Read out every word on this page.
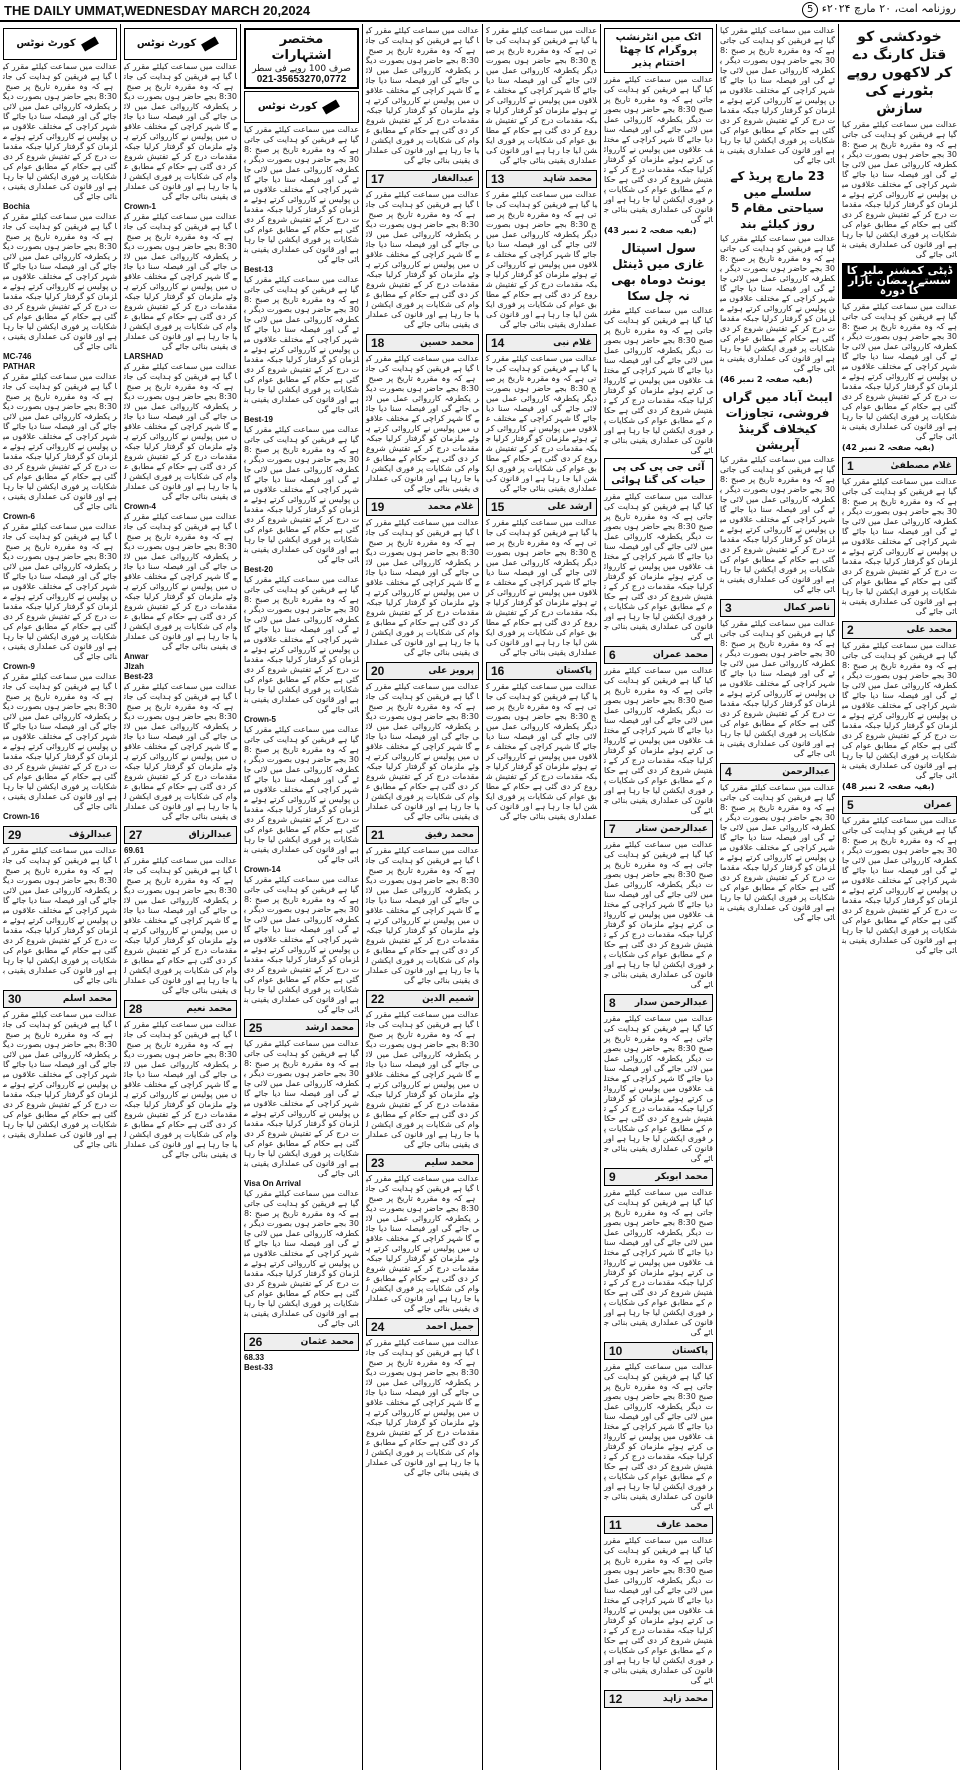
THE DAILY UMMAT,WEDNESDAY MARCH 20,2024	روزنامہ امت، ۲۰ مارچ ۲۰۲۴ء 5
خودکشی کو قتل کارنگ دے کر لاکھوں روپے بٹورنے کی سازش
عدالت میں سماعت کیلئے مقرر کیا گیا ہے فریقین کو ہدایت کی جاتی ہے کہ وہ مقررہ تاریخ پر صبح 8:30 بجے حاضر ہوں بصورت دیگر یکطرفہ کارروائی عمل میں لائی جائے گی اور فیصلہ سنا دیا جائے گا شہر کراچی کے مختلف علاقوں میں پولیس نے کارروائی کرتے ہوئے ملزمان کو گرفتار کرلیا جبکہ مقدمات درج کر کے تفتیش شروع کر دی گئی ہے حکام کے مطابق عوام کی شکایات پر فوری ایکشن لیا جا رہا ہے اور قانون کی عملداری یقینی بنائی جائے گی
ڈپٹی کمشنر ملیر کا سستے رمضان بازار کا دورہ
عدالت میں سماعت کیلئے مقرر کیا گیا ہے فریقین کو ہدایت کی جاتی ہے کہ وہ مقررہ تاریخ پر صبح 8:30 بجے حاضر ہوں بصورت دیگر یکطرفہ کارروائی عمل میں لائی جائے گی اور فیصلہ سنا دیا جائے گا شہر کراچی کے مختلف علاقوں میں پولیس نے کارروائی کرتے ہوئے ملزمان کو گرفتار کرلیا جبکہ مقدمات درج کر کے تفتیش شروع کر دی گئی ہے حکام کے مطابق عوام کی شکایات پر فوری ایکشن لیا جا رہا ہے اور قانون کی عملداری یقینی بنائی جائے گی
(بقیہ صفحہ 2 نمبر 42)
غلام مصطفیٰ
1
عدالت میں سماعت کیلئے مقرر کیا گیا ہے فریقین کو ہدایت کی جاتی ہے کہ وہ مقررہ تاریخ پر صبح 8:30 بجے حاضر ہوں بصورت دیگر یکطرفہ کارروائی عمل میں لائی جائے گی اور فیصلہ سنا دیا جائے گا شہر کراچی کے مختلف علاقوں میں پولیس نے کارروائی کرتے ہوئے ملزمان کو گرفتار کرلیا جبکہ مقدمات درج کر کے تفتیش شروع کر دی گئی ہے حکام کے مطابق عوام کی شکایات پر فوری ایکشن لیا جا رہا ہے اور قانون کی عملداری یقینی بنائی جائے گی
محمد علی
2
عدالت میں سماعت کیلئے مقرر کیا گیا ہے فریقین کو ہدایت کی جاتی ہے کہ وہ مقررہ تاریخ پر صبح 8:30 بجے حاضر ہوں بصورت دیگر یکطرفہ کارروائی عمل میں لائی جائے گی اور فیصلہ سنا دیا جائے گا شہر کراچی کے مختلف علاقوں میں پولیس نے کارروائی کرتے ہوئے ملزمان کو گرفتار کرلیا جبکہ مقدمات درج کر کے تفتیش شروع کر دی گئی ہے حکام کے مطابق عوام کی شکایات پر فوری ایکشن لیا جا رہا ہے اور قانون کی عملداری یقینی بنائی جائے گی
(بقیہ صفحہ 2 نمبر 48)
عمران
5
عدالت میں سماعت کیلئے مقرر کیا گیا ہے فریقین کو ہدایت کی جاتی ہے کہ وہ مقررہ تاریخ پر صبح 8:30 بجے حاضر ہوں بصورت دیگر یکطرفہ کارروائی عمل میں لائی جائے گی اور فیصلہ سنا دیا جائے گا شہر کراچی کے مختلف علاقوں میں پولیس نے کارروائی کرتے ہوئے ملزمان کو گرفتار کرلیا جبکہ مقدمات درج کر کے تفتیش شروع کر دی گئی ہے حکام کے مطابق عوام کی شکایات پر فوری ایکشن لیا جا رہا ہے اور قانون کی عملداری یقینی بنائی جائے گی
عدالت میں سماعت کیلئے مقرر کیا گیا ہے فریقین کو ہدایت کی جاتی ہے کہ وہ مقررہ تاریخ پر صبح 8:30 بجے حاضر ہوں بصورت دیگر یکطرفہ کارروائی عمل میں لائی جائے گی اور فیصلہ سنا دیا جائے گا شہر کراچی کے مختلف علاقوں میں پولیس نے کارروائی کرتے ہوئے ملزمان کو گرفتار کرلیا جبکہ مقدمات درج کر کے تفتیش شروع کر دی گئی ہے حکام کے مطابق عوام کی شکایات پر فوری ایکشن لیا جا رہا ہے اور قانون کی عملداری یقینی بنائی جائے گی
23 مارچ پریڈ کے سلسلے میں سیاحتی مقام 5 روز کیلئے بند
عدالت میں سماعت کیلئے مقرر کیا گیا ہے فریقین کو ہدایت کی جاتی ہے کہ وہ مقررہ تاریخ پر صبح 8:30 بجے حاضر ہوں بصورت دیگر یکطرفہ کارروائی عمل میں لائی جائے گی اور فیصلہ سنا دیا جائے گا شہر کراچی کے مختلف علاقوں میں پولیس نے کارروائی کرتے ہوئے ملزمان کو گرفتار کرلیا جبکہ مقدمات درج کر کے تفتیش شروع کر دی گئی ہے حکام کے مطابق عوام کی شکایات پر فوری ایکشن لیا جا رہا ہے اور قانون کی عملداری یقینی بنائی جائے گی
(بقیہ صفحہ 2 نمبر 46)
ایبٹ آباد میں گراں فروشی، تجاوزات کیخلاف گرینڈ آپریشن
عدالت میں سماعت کیلئے مقرر کیا گیا ہے فریقین کو ہدایت کی جاتی ہے کہ وہ مقررہ تاریخ پر صبح 8:30 بجے حاضر ہوں بصورت دیگر یکطرفہ کارروائی عمل میں لائی جائے گی اور فیصلہ سنا دیا جائے گا شہر کراچی کے مختلف علاقوں میں پولیس نے کارروائی کرتے ہوئے ملزمان کو گرفتار کرلیا جبکہ مقدمات درج کر کے تفتیش شروع کر دی گئی ہے حکام کے مطابق عوام کی شکایات پر فوری ایکشن لیا جا رہا ہے اور قانون کی عملداری یقینی بنائی جائے گی
ناصر کمال
3
عدالت میں سماعت کیلئے مقرر کیا گیا ہے فریقین کو ہدایت کی جاتی ہے کہ وہ مقررہ تاریخ پر صبح 8:30 بجے حاضر ہوں بصورت دیگر یکطرفہ کارروائی عمل میں لائی جائے گی اور فیصلہ سنا دیا جائے گا شہر کراچی کے مختلف علاقوں میں پولیس نے کارروائی کرتے ہوئے ملزمان کو گرفتار کرلیا جبکہ مقدمات درج کر کے تفتیش شروع کر دی گئی ہے حکام کے مطابق عوام کی شکایات پر فوری ایکشن لیا جا رہا ہے اور قانون کی عملداری یقینی بنائی جائے گی
عبدالرحمن
4
عدالت میں سماعت کیلئے مقرر کیا گیا ہے فریقین کو ہدایت کی جاتی ہے کہ وہ مقررہ تاریخ پر صبح 8:30 بجے حاضر ہوں بصورت دیگر یکطرفہ کارروائی عمل میں لائی جائے گی اور فیصلہ سنا دیا جائے گا شہر کراچی کے مختلف علاقوں میں پولیس نے کارروائی کرتے ہوئے ملزمان کو گرفتار کرلیا جبکہ مقدمات درج کر کے تفتیش شروع کر دی گئی ہے حکام کے مطابق عوام کی شکایات پر فوری ایکشن لیا جا رہا ہے اور قانون کی عملداری یقینی بنائی جائے گی
اٹک میں انٹرنشپ پروگرام کا چھٹا اختتام پذیر
عدالت میں سماعت کیلئے مقرر کیا گیا ہے فریقین کو ہدایت کی جاتی ہے کہ وہ مقررہ تاریخ پر صبح 8:30 بجے حاضر ہوں بصورت دیگر یکطرفہ کارروائی عمل میں لائی جائے گی اور فیصلہ سنا دیا جائے گا شہر کراچی کے مختلف علاقوں میں پولیس نے کارروائی کرتے ہوئے ملزمان کو گرفتار کرلیا جبکہ مقدمات درج کر کے تفتیش شروع کر دی گئی ہے حکام کے مطابق عوام کی شکایات پر فوری ایکشن لیا جا رہا ہے اور قانون کی عملداری یقینی بنائی جائے گی
(بقیہ صفحہ 2 نمبر 43)
سول اسپتال غازی میں ڈینٹل یونٹ دوماہ بھی نہ چل سکا
عدالت میں سماعت کیلئے مقرر کیا گیا ہے فریقین کو ہدایت کی جاتی ہے کہ وہ مقررہ تاریخ پر صبح 8:30 بجے حاضر ہوں بصورت دیگر یکطرفہ کارروائی عمل میں لائی جائے گی اور فیصلہ سنا دیا جائے گا شہر کراچی کے مختلف علاقوں میں پولیس نے کارروائی کرتے ہوئے ملزمان کو گرفتار کرلیا جبکہ مقدمات درج کر کے تفتیش شروع کر دی گئی ہے حکام کے مطابق عوام کی شکایات پر فوری ایکشن لیا جا رہا ہے اور قانون کی عملداری یقینی بنائی جائے گی
آئی جی پی کی پی حیات کی گنا ہوائی
عدالت میں سماعت کیلئے مقرر کیا گیا ہے فریقین کو ہدایت کی جاتی ہے کہ وہ مقررہ تاریخ پر صبح 8:30 بجے حاضر ہوں بصورت دیگر یکطرفہ کارروائی عمل میں لائی جائے گی اور فیصلہ سنا دیا جائے گا شہر کراچی کے مختلف علاقوں میں پولیس نے کارروائی کرتے ہوئے ملزمان کو گرفتار کرلیا جبکہ مقدمات درج کر کے تفتیش شروع کر دی گئی ہے حکام کے مطابق عوام کی شکایات پر فوری ایکشن لیا جا رہا ہے اور قانون کی عملداری یقینی بنائی جائے گی
محمد عمران
6
عدالت میں سماعت کیلئے مقرر کیا گیا ہے فریقین کو ہدایت کی جاتی ہے کہ وہ مقررہ تاریخ پر صبح 8:30 بجے حاضر ہوں بصورت دیگر یکطرفہ کارروائی عمل میں لائی جائے گی اور فیصلہ سنا دیا جائے گا شہر کراچی کے مختلف علاقوں میں پولیس نے کارروائی کرتے ہوئے ملزمان کو گرفتار کرلیا جبکہ مقدمات درج کر کے تفتیش شروع کر دی گئی ہے حکام کے مطابق عوام کی شکایات پر فوری ایکشن لیا جا رہا ہے اور قانون کی عملداری یقینی بنائی جائے گی
عبدالرحمن ستار
7
عدالت میں سماعت کیلئے مقرر کیا گیا ہے فریقین کو ہدایت کی جاتی ہے کہ وہ مقررہ تاریخ پر صبح 8:30 بجے حاضر ہوں بصورت دیگر یکطرفہ کارروائی عمل میں لائی جائے گی اور فیصلہ سنا دیا جائے گا شہر کراچی کے مختلف علاقوں میں پولیس نے کارروائی کرتے ہوئے ملزمان کو گرفتار کرلیا جبکہ مقدمات درج کر کے تفتیش شروع کر دی گئی ہے حکام کے مطابق عوام کی شکایات پر فوری ایکشن لیا جا رہا ہے اور قانون کی عملداری یقینی بنائی جائے گی
عبدالرحمن سدار
8
عدالت میں سماعت کیلئے مقرر کیا گیا ہے فریقین کو ہدایت کی جاتی ہے کہ وہ مقررہ تاریخ پر صبح 8:30 بجے حاضر ہوں بصورت دیگر یکطرفہ کارروائی عمل میں لائی جائے گی اور فیصلہ سنا دیا جائے گا شہر کراچی کے مختلف علاقوں میں پولیس نے کارروائی کرتے ہوئے ملزمان کو گرفتار کرلیا جبکہ مقدمات درج کر کے تفتیش شروع کر دی گئی ہے حکام کے مطابق عوام کی شکایات پر فوری ایکشن لیا جا رہا ہے اور قانون کی عملداری یقینی بنائی جائے گی
محمد ابوبکر
9
عدالت میں سماعت کیلئے مقرر کیا گیا ہے فریقین کو ہدایت کی جاتی ہے کہ وہ مقررہ تاریخ پر صبح 8:30 بجے حاضر ہوں بصورت دیگر یکطرفہ کارروائی عمل میں لائی جائے گی اور فیصلہ سنا دیا جائے گا شہر کراچی کے مختلف علاقوں میں پولیس نے کارروائی کرتے ہوئے ملزمان کو گرفتار کرلیا جبکہ مقدمات درج کر کے تفتیش شروع کر دی گئی ہے حکام کے مطابق عوام کی شکایات پر فوری ایکشن لیا جا رہا ہے اور قانون کی عملداری یقینی بنائی جائے گی
پاکستان
10
عدالت میں سماعت کیلئے مقرر کیا گیا ہے فریقین کو ہدایت کی جاتی ہے کہ وہ مقررہ تاریخ پر صبح 8:30 بجے حاضر ہوں بصورت دیگر یکطرفہ کارروائی عمل میں لائی جائے گی اور فیصلہ سنا دیا جائے گا شہر کراچی کے مختلف علاقوں میں پولیس نے کارروائی کرتے ہوئے ملزمان کو گرفتار کرلیا جبکہ مقدمات درج کر کے تفتیش شروع کر دی گئی ہے حکام کے مطابق عوام کی شکایات پر فوری ایکشن لیا جا رہا ہے اور قانون کی عملداری یقینی بنائی جائے گی
محمد عارف
11
عدالت میں سماعت کیلئے مقرر کیا گیا ہے فریقین کو ہدایت کی جاتی ہے کہ وہ مقررہ تاریخ پر صبح 8:30 بجے حاضر ہوں بصورت دیگر یکطرفہ کارروائی عمل میں لائی جائے گی اور فیصلہ سنا دیا جائے گا شہر کراچی کے مختلف علاقوں میں پولیس نے کارروائی کرتے ہوئے ملزمان کو گرفتار کرلیا جبکہ مقدمات درج کر کے تفتیش شروع کر دی گئی ہے حکام کے مطابق عوام کی شکایات پر فوری ایکشن لیا جا رہا ہے اور قانون کی عملداری یقینی بنائی جائے گی
محمد زاہد
12
عدالت میں سماعت کیلئے مقرر کیا گیا ہے فریقین کو ہدایت کی جاتی ہے کہ وہ مقررہ تاریخ پر صبح 8:30 بجے حاضر ہوں بصورت دیگر یکطرفہ کارروائی عمل میں لائی جائے گی اور فیصلہ سنا دیا جائے گا شہر کراچی کے مختلف علاقوں میں پولیس نے کارروائی کرتے ہوئے ملزمان کو گرفتار کرلیا جبکہ مقدمات درج کر کے تفتیش شروع کر دی گئی ہے حکام کے مطابق عوام کی شکایات پر فوری ایکشن لیا جا رہا ہے اور قانون کی عملداری یقینی بنائی جائے گی
محمد شاہد
13
عدالت میں سماعت کیلئے مقرر کیا گیا ہے فریقین کو ہدایت کی جاتی ہے کہ وہ مقررہ تاریخ پر صبح 8:30 بجے حاضر ہوں بصورت دیگر یکطرفہ کارروائی عمل میں لائی جائے گی اور فیصلہ سنا دیا جائے گا شہر کراچی کے مختلف علاقوں میں پولیس نے کارروائی کرتے ہوئے ملزمان کو گرفتار کرلیا جبکہ مقدمات درج کر کے تفتیش شروع کر دی گئی ہے حکام کے مطابق عوام کی شکایات پر فوری ایکشن لیا جا رہا ہے اور قانون کی عملداری یقینی بنائی جائے گی
غلام نبی
14
عدالت میں سماعت کیلئے مقرر کیا گیا ہے فریقین کو ہدایت کی جاتی ہے کہ وہ مقررہ تاریخ پر صبح 8:30 بجے حاضر ہوں بصورت دیگر یکطرفہ کارروائی عمل میں لائی جائے گی اور فیصلہ سنا دیا جائے گا شہر کراچی کے مختلف علاقوں میں پولیس نے کارروائی کرتے ہوئے ملزمان کو گرفتار کرلیا جبکہ مقدمات درج کر کے تفتیش شروع کر دی گئی ہے حکام کے مطابق عوام کی شکایات پر فوری ایکشن لیا جا رہا ہے اور قانون کی عملداری یقینی بنائی جائے گی
ارشد علی
15
عدالت میں سماعت کیلئے مقرر کیا گیا ہے فریقین کو ہدایت کی جاتی ہے کہ وہ مقررہ تاریخ پر صبح 8:30 بجے حاضر ہوں بصورت دیگر یکطرفہ کارروائی عمل میں لائی جائے گی اور فیصلہ سنا دیا جائے گا شہر کراچی کے مختلف علاقوں میں پولیس نے کارروائی کرتے ہوئے ملزمان کو گرفتار کرلیا جبکہ مقدمات درج کر کے تفتیش شروع کر دی گئی ہے حکام کے مطابق عوام کی شکایات پر فوری ایکشن لیا جا رہا ہے اور قانون کی عملداری یقینی بنائی جائے گی
پاکستان
16
عدالت میں سماعت کیلئے مقرر کیا گیا ہے فریقین کو ہدایت کی جاتی ہے کہ وہ مقررہ تاریخ پر صبح 8:30 بجے حاضر ہوں بصورت دیگر یکطرفہ کارروائی عمل میں لائی جائے گی اور فیصلہ سنا دیا جائے گا شہر کراچی کے مختلف علاقوں میں پولیس نے کارروائی کرتے ہوئے ملزمان کو گرفتار کرلیا جبکہ مقدمات درج کر کے تفتیش شروع کر دی گئی ہے حکام کے مطابق عوام کی شکایات پر فوری ایکشن لیا جا رہا ہے اور قانون کی عملداری یقینی بنائی جائے گی
عدالت میں سماعت کیلئے مقرر کیا گیا ہے فریقین کو ہدایت کی جاتی ہے کہ وہ مقررہ تاریخ پر صبح 8:30 بجے حاضر ہوں بصورت دیگر یکطرفہ کارروائی عمل میں لائی جائے گی اور فیصلہ سنا دیا جائے گا شہر کراچی کے مختلف علاقوں میں پولیس نے کارروائی کرتے ہوئے ملزمان کو گرفتار کرلیا جبکہ مقدمات درج کر کے تفتیش شروع کر دی گئی ہے حکام کے مطابق عوام کی شکایات پر فوری ایکشن لیا جا رہا ہے اور قانون کی عملداری یقینی بنائی جائے گی
عبدالغفار
17
عدالت میں سماعت کیلئے مقرر کیا گیا ہے فریقین کو ہدایت کی جاتی ہے کہ وہ مقررہ تاریخ پر صبح 8:30 بجے حاضر ہوں بصورت دیگر یکطرفہ کارروائی عمل میں لائی جائے گی اور فیصلہ سنا دیا جائے گا شہر کراچی کے مختلف علاقوں میں پولیس نے کارروائی کرتے ہوئے ملزمان کو گرفتار کرلیا جبکہ مقدمات درج کر کے تفتیش شروع کر دی گئی ہے حکام کے مطابق عوام کی شکایات پر فوری ایکشن لیا جا رہا ہے اور قانون کی عملداری یقینی بنائی جائے گی
محمد حسین
18
عدالت میں سماعت کیلئے مقرر کیا گیا ہے فریقین کو ہدایت کی جاتی ہے کہ وہ مقررہ تاریخ پر صبح 8:30 بجے حاضر ہوں بصورت دیگر یکطرفہ کارروائی عمل میں لائی جائے گی اور فیصلہ سنا دیا جائے گا شہر کراچی کے مختلف علاقوں میں پولیس نے کارروائی کرتے ہوئے ملزمان کو گرفتار کرلیا جبکہ مقدمات درج کر کے تفتیش شروع کر دی گئی ہے حکام کے مطابق عوام کی شکایات پر فوری ایکشن لیا جا رہا ہے اور قانون کی عملداری یقینی بنائی جائے گی
غلام محمد
19
عدالت میں سماعت کیلئے مقرر کیا گیا ہے فریقین کو ہدایت کی جاتی ہے کہ وہ مقررہ تاریخ پر صبح 8:30 بجے حاضر ہوں بصورت دیگر یکطرفہ کارروائی عمل میں لائی جائے گی اور فیصلہ سنا دیا جائے گا شہر کراچی کے مختلف علاقوں میں پولیس نے کارروائی کرتے ہوئے ملزمان کو گرفتار کرلیا جبکہ مقدمات درج کر کے تفتیش شروع کر دی گئی ہے حکام کے مطابق عوام کی شکایات پر فوری ایکشن لیا جا رہا ہے اور قانون کی عملداری یقینی بنائی جائے گی
پرویز علی
20
عدالت میں سماعت کیلئے مقرر کیا گیا ہے فریقین کو ہدایت کی جاتی ہے کہ وہ مقررہ تاریخ پر صبح 8:30 بجے حاضر ہوں بصورت دیگر یکطرفہ کارروائی عمل میں لائی جائے گی اور فیصلہ سنا دیا جائے گا شہر کراچی کے مختلف علاقوں میں پولیس نے کارروائی کرتے ہوئے ملزمان کو گرفتار کرلیا جبکہ مقدمات درج کر کے تفتیش شروع کر دی گئی ہے حکام کے مطابق عوام کی شکایات پر فوری ایکشن لیا جا رہا ہے اور قانون کی عملداری یقینی بنائی جائے گی
محمد رفیق
21
عدالت میں سماعت کیلئے مقرر کیا گیا ہے فریقین کو ہدایت کی جاتی ہے کہ وہ مقررہ تاریخ پر صبح 8:30 بجے حاضر ہوں بصورت دیگر یکطرفہ کارروائی عمل میں لائی جائے گی اور فیصلہ سنا دیا جائے گا شہر کراچی کے مختلف علاقوں میں پولیس نے کارروائی کرتے ہوئے ملزمان کو گرفتار کرلیا جبکہ مقدمات درج کر کے تفتیش شروع کر دی گئی ہے حکام کے مطابق عوام کی شکایات پر فوری ایکشن لیا جا رہا ہے اور قانون کی عملداری یقینی بنائی جائے گی
شمیم الدین
22
عدالت میں سماعت کیلئے مقرر کیا گیا ہے فریقین کو ہدایت کی جاتی ہے کہ وہ مقررہ تاریخ پر صبح 8:30 بجے حاضر ہوں بصورت دیگر یکطرفہ کارروائی عمل میں لائی جائے گی اور فیصلہ سنا دیا جائے گا شہر کراچی کے مختلف علاقوں میں پولیس نے کارروائی کرتے ہوئے ملزمان کو گرفتار کرلیا جبکہ مقدمات درج کر کے تفتیش شروع کر دی گئی ہے حکام کے مطابق عوام کی شکایات پر فوری ایکشن لیا جا رہا ہے اور قانون کی عملداری یقینی بنائی جائے گی
محمد سلیم
23
عدالت میں سماعت کیلئے مقرر کیا گیا ہے فریقین کو ہدایت کی جاتی ہے کہ وہ مقررہ تاریخ پر صبح 8:30 بجے حاضر ہوں بصورت دیگر یکطرفہ کارروائی عمل میں لائی جائے گی اور فیصلہ سنا دیا جائے گا شہر کراچی کے مختلف علاقوں میں پولیس نے کارروائی کرتے ہوئے ملزمان کو گرفتار کرلیا جبکہ مقدمات درج کر کے تفتیش شروع کر دی گئی ہے حکام کے مطابق عوام کی شکایات پر فوری ایکشن لیا جا رہا ہے اور قانون کی عملداری یقینی بنائی جائے گی
جمیل احمد
24
عدالت میں سماعت کیلئے مقرر کیا گیا ہے فریقین کو ہدایت کی جاتی ہے کہ وہ مقررہ تاریخ پر صبح 8:30 بجے حاضر ہوں بصورت دیگر یکطرفہ کارروائی عمل میں لائی جائے گی اور فیصلہ سنا دیا جائے گا شہر کراچی کے مختلف علاقوں میں پولیس نے کارروائی کرتے ہوئے ملزمان کو گرفتار کرلیا جبکہ مقدمات درج کر کے تفتیش شروع کر دی گئی ہے حکام کے مطابق عوام کی شکایات پر فوری ایکشن لیا جا رہا ہے اور قانون کی عملداری یقینی بنائی جائے گی
مختصر اشتہارات
صرف 100 روپے فی سطر
021-35653270,0772
کورٹ نوٹس
عدالت میں سماعت کیلئے مقرر کیا گیا ہے فریقین کو ہدایت کی جاتی ہے کہ وہ مقررہ تاریخ پر صبح 8:30 بجے حاضر ہوں بصورت دیگر یکطرفہ کارروائی عمل میں لائی جائے گی اور فیصلہ سنا دیا جائے گا شہر کراچی کے مختلف علاقوں میں پولیس نے کارروائی کرتے ہوئے ملزمان کو گرفتار کرلیا جبکہ مقدمات درج کر کے تفتیش شروع کر دی گئی ہے حکام کے مطابق عوام کی شکایات پر فوری ایکشن لیا جا رہا ہے اور قانون کی عملداری یقینی بنائی جائے گی
Best-13
عدالت میں سماعت کیلئے مقرر کیا گیا ہے فریقین کو ہدایت کی جاتی ہے کہ وہ مقررہ تاریخ پر صبح 8:30 بجے حاضر ہوں بصورت دیگر یکطرفہ کارروائی عمل میں لائی جائے گی اور فیصلہ سنا دیا جائے گا شہر کراچی کے مختلف علاقوں میں پولیس نے کارروائی کرتے ہوئے ملزمان کو گرفتار کرلیا جبکہ مقدمات درج کر کے تفتیش شروع کر دی گئی ہے حکام کے مطابق عوام کی شکایات پر فوری ایکشن لیا جا رہا ہے اور قانون کی عملداری یقینی بنائی جائے گی
Best-19
عدالت میں سماعت کیلئے مقرر کیا گیا ہے فریقین کو ہدایت کی جاتی ہے کہ وہ مقررہ تاریخ پر صبح 8:30 بجے حاضر ہوں بصورت دیگر یکطرفہ کارروائی عمل میں لائی جائے گی اور فیصلہ سنا دیا جائے گا شہر کراچی کے مختلف علاقوں میں پولیس نے کارروائی کرتے ہوئے ملزمان کو گرفتار کرلیا جبکہ مقدمات درج کر کے تفتیش شروع کر دی گئی ہے حکام کے مطابق عوام کی شکایات پر فوری ایکشن لیا جا رہا ہے اور قانون کی عملداری یقینی بنائی جائے گی
Best-20
عدالت میں سماعت کیلئے مقرر کیا گیا ہے فریقین کو ہدایت کی جاتی ہے کہ وہ مقررہ تاریخ پر صبح 8:30 بجے حاضر ہوں بصورت دیگر یکطرفہ کارروائی عمل میں لائی جائے گی اور فیصلہ سنا دیا جائے گا شہر کراچی کے مختلف علاقوں میں پولیس نے کارروائی کرتے ہوئے ملزمان کو گرفتار کرلیا جبکہ مقدمات درج کر کے تفتیش شروع کر دی گئی ہے حکام کے مطابق عوام کی شکایات پر فوری ایکشن لیا جا رہا ہے اور قانون کی عملداری یقینی بنائی جائے گی
Crown-5
عدالت میں سماعت کیلئے مقرر کیا گیا ہے فریقین کو ہدایت کی جاتی ہے کہ وہ مقررہ تاریخ پر صبح 8:30 بجے حاضر ہوں بصورت دیگر یکطرفہ کارروائی عمل میں لائی جائے گی اور فیصلہ سنا دیا جائے گا شہر کراچی کے مختلف علاقوں میں پولیس نے کارروائی کرتے ہوئے ملزمان کو گرفتار کرلیا جبکہ مقدمات درج کر کے تفتیش شروع کر دی گئی ہے حکام کے مطابق عوام کی شکایات پر فوری ایکشن لیا جا رہا ہے اور قانون کی عملداری یقینی بنائی جائے گی
Crown-14
عدالت میں سماعت کیلئے مقرر کیا گیا ہے فریقین کو ہدایت کی جاتی ہے کہ وہ مقررہ تاریخ پر صبح 8:30 بجے حاضر ہوں بصورت دیگر یکطرفہ کارروائی عمل میں لائی جائے گی اور فیصلہ سنا دیا جائے گا شہر کراچی کے مختلف علاقوں میں پولیس نے کارروائی کرتے ہوئے ملزمان کو گرفتار کرلیا جبکہ مقدمات درج کر کے تفتیش شروع کر دی گئی ہے حکام کے مطابق عوام کی شکایات پر فوری ایکشن لیا جا رہا ہے اور قانون کی عملداری یقینی بنائی جائے گی
محمد ارشد
25
عدالت میں سماعت کیلئے مقرر کیا گیا ہے فریقین کو ہدایت کی جاتی ہے کہ وہ مقررہ تاریخ پر صبح 8:30 بجے حاضر ہوں بصورت دیگر یکطرفہ کارروائی عمل میں لائی جائے گی اور فیصلہ سنا دیا جائے گا شہر کراچی کے مختلف علاقوں میں پولیس نے کارروائی کرتے ہوئے ملزمان کو گرفتار کرلیا جبکہ مقدمات درج کر کے تفتیش شروع کر دی گئی ہے حکام کے مطابق عوام کی شکایات پر فوری ایکشن لیا جا رہا ہے اور قانون کی عملداری یقینی بنائی جائے گی
Visa On Arrival
عدالت میں سماعت کیلئے مقرر کیا گیا ہے فریقین کو ہدایت کی جاتی ہے کہ وہ مقررہ تاریخ پر صبح 8:30 بجے حاضر ہوں بصورت دیگر یکطرفہ کارروائی عمل میں لائی جائے گی اور فیصلہ سنا دیا جائے گا شہر کراچی کے مختلف علاقوں میں پولیس نے کارروائی کرتے ہوئے ملزمان کو گرفتار کرلیا جبکہ مقدمات درج کر کے تفتیش شروع کر دی گئی ہے حکام کے مطابق عوام کی شکایات پر فوری ایکشن لیا جا رہا ہے اور قانون کی عملداری یقینی بنائی جائے گی
محمد عثمان
26
68.33
Best-33
کورٹ نوٹس
عدالت میں سماعت کیلئے مقرر کیا گیا ہے فریقین کو ہدایت کی جاتی ہے کہ وہ مقررہ تاریخ پر صبح 8:30 بجے حاضر ہوں بصورت دیگر یکطرفہ کارروائی عمل میں لائی جائے گی اور فیصلہ سنا دیا جائے گا شہر کراچی کے مختلف علاقوں میں پولیس نے کارروائی کرتے ہوئے ملزمان کو گرفتار کرلیا جبکہ مقدمات درج کر کے تفتیش شروع کر دی گئی ہے حکام کے مطابق عوام کی شکایات پر فوری ایکشن لیا جا رہا ہے اور قانون کی عملداری یقینی بنائی جائے گی
Crown-1
عدالت میں سماعت کیلئے مقرر کیا گیا ہے فریقین کو ہدایت کی جاتی ہے کہ وہ مقررہ تاریخ پر صبح 8:30 بجے حاضر ہوں بصورت دیگر یکطرفہ کارروائی عمل میں لائی جائے گی اور فیصلہ سنا دیا جائے گا شہر کراچی کے مختلف علاقوں میں پولیس نے کارروائی کرتے ہوئے ملزمان کو گرفتار کرلیا جبکہ مقدمات درج کر کے تفتیش شروع کر دی گئی ہے حکام کے مطابق عوام کی شکایات پر فوری ایکشن لیا جا رہا ہے اور قانون کی عملداری یقینی بنائی جائے گی
LARSHAD
عدالت میں سماعت کیلئے مقرر کیا گیا ہے فریقین کو ہدایت کی جاتی ہے کہ وہ مقررہ تاریخ پر صبح 8:30 بجے حاضر ہوں بصورت دیگر یکطرفہ کارروائی عمل میں لائی جائے گی اور فیصلہ سنا دیا جائے گا شہر کراچی کے مختلف علاقوں میں پولیس نے کارروائی کرتے ہوئے ملزمان کو گرفتار کرلیا جبکہ مقدمات درج کر کے تفتیش شروع کر دی گئی ہے حکام کے مطابق عوام کی شکایات پر فوری ایکشن لیا جا رہا ہے اور قانون کی عملداری یقینی بنائی جائے گی
Crown-4
عدالت میں سماعت کیلئے مقرر کیا گیا ہے فریقین کو ہدایت کی جاتی ہے کہ وہ مقررہ تاریخ پر صبح 8:30 بجے حاضر ہوں بصورت دیگر یکطرفہ کارروائی عمل میں لائی جائے گی اور فیصلہ سنا دیا جائے گا شہر کراچی کے مختلف علاقوں میں پولیس نے کارروائی کرتے ہوئے ملزمان کو گرفتار کرلیا جبکہ مقدمات درج کر کے تفتیش شروع کر دی گئی ہے حکام کے مطابق عوام کی شکایات پر فوری ایکشن لیا جا رہا ہے اور قانون کی عملداری یقینی بنائی جائے گی
Anwar
Jlzah
Best-23
عدالت میں سماعت کیلئے مقرر کیا گیا ہے فریقین کو ہدایت کی جاتی ہے کہ وہ مقررہ تاریخ پر صبح 8:30 بجے حاضر ہوں بصورت دیگر یکطرفہ کارروائی عمل میں لائی جائے گی اور فیصلہ سنا دیا جائے گا شہر کراچی کے مختلف علاقوں میں پولیس نے کارروائی کرتے ہوئے ملزمان کو گرفتار کرلیا جبکہ مقدمات درج کر کے تفتیش شروع کر دی گئی ہے حکام کے مطابق عوام کی شکایات پر فوری ایکشن لیا جا رہا ہے اور قانون کی عملداری یقینی بنائی جائے گی
عبدالرزاق
27
69.61
عدالت میں سماعت کیلئے مقرر کیا گیا ہے فریقین کو ہدایت کی جاتی ہے کہ وہ مقررہ تاریخ پر صبح 8:30 بجے حاضر ہوں بصورت دیگر یکطرفہ کارروائی عمل میں لائی جائے گی اور فیصلہ سنا دیا جائے گا شہر کراچی کے مختلف علاقوں میں پولیس نے کارروائی کرتے ہوئے ملزمان کو گرفتار کرلیا جبکہ مقدمات درج کر کے تفتیش شروع کر دی گئی ہے حکام کے مطابق عوام کی شکایات پر فوری ایکشن لیا جا رہا ہے اور قانون کی عملداری یقینی بنائی جائے گی
محمد نعیم
28
عدالت میں سماعت کیلئے مقرر کیا گیا ہے فریقین کو ہدایت کی جاتی ہے کہ وہ مقررہ تاریخ پر صبح 8:30 بجے حاضر ہوں بصورت دیگر یکطرفہ کارروائی عمل میں لائی جائے گی اور فیصلہ سنا دیا جائے گا شہر کراچی کے مختلف علاقوں میں پولیس نے کارروائی کرتے ہوئے ملزمان کو گرفتار کرلیا جبکہ مقدمات درج کر کے تفتیش شروع کر دی گئی ہے حکام کے مطابق عوام کی شکایات پر فوری ایکشن لیا جا رہا ہے اور قانون کی عملداری یقینی بنائی جائے گی
کورٹ نوٹس
عدالت میں سماعت کیلئے مقرر کیا گیا ہے فریقین کو ہدایت کی جاتی ہے کہ وہ مقررہ تاریخ پر صبح 8:30 بجے حاضر ہوں بصورت دیگر یکطرفہ کارروائی عمل میں لائی جائے گی اور فیصلہ سنا دیا جائے گا شہر کراچی کے مختلف علاقوں میں پولیس نے کارروائی کرتے ہوئے ملزمان کو گرفتار کرلیا جبکہ مقدمات درج کر کے تفتیش شروع کر دی گئی ہے حکام کے مطابق عوام کی شکایات پر فوری ایکشن لیا جا رہا ہے اور قانون کی عملداری یقینی بنائی جائے گی
Bochia
عدالت میں سماعت کیلئے مقرر کیا گیا ہے فریقین کو ہدایت کی جاتی ہے کہ وہ مقررہ تاریخ پر صبح 8:30 بجے حاضر ہوں بصورت دیگر یکطرفہ کارروائی عمل میں لائی جائے گی اور فیصلہ سنا دیا جائے گا شہر کراچی کے مختلف علاقوں میں پولیس نے کارروائی کرتے ہوئے ملزمان کو گرفتار کرلیا جبکہ مقدمات درج کر کے تفتیش شروع کر دی گئی ہے حکام کے مطابق عوام کی شکایات پر فوری ایکشن لیا جا رہا ہے اور قانون کی عملداری یقینی بنائی جائے گی
MC-746
PATHAR
عدالت میں سماعت کیلئے مقرر کیا گیا ہے فریقین کو ہدایت کی جاتی ہے کہ وہ مقررہ تاریخ پر صبح 8:30 بجے حاضر ہوں بصورت دیگر یکطرفہ کارروائی عمل میں لائی جائے گی اور فیصلہ سنا دیا جائے گا شہر کراچی کے مختلف علاقوں میں پولیس نے کارروائی کرتے ہوئے ملزمان کو گرفتار کرلیا جبکہ مقدمات درج کر کے تفتیش شروع کر دی گئی ہے حکام کے مطابق عوام کی شکایات پر فوری ایکشن لیا جا رہا ہے اور قانون کی عملداری یقینی بنائی جائے گی
Crown-6
عدالت میں سماعت کیلئے مقرر کیا گیا ہے فریقین کو ہدایت کی جاتی ہے کہ وہ مقررہ تاریخ پر صبح 8:30 بجے حاضر ہوں بصورت دیگر یکطرفہ کارروائی عمل میں لائی جائے گی اور فیصلہ سنا دیا جائے گا شہر کراچی کے مختلف علاقوں میں پولیس نے کارروائی کرتے ہوئے ملزمان کو گرفتار کرلیا جبکہ مقدمات درج کر کے تفتیش شروع کر دی گئی ہے حکام کے مطابق عوام کی شکایات پر فوری ایکشن لیا جا رہا ہے اور قانون کی عملداری یقینی بنائی جائے گی
Crown-9
عدالت میں سماعت کیلئے مقرر کیا گیا ہے فریقین کو ہدایت کی جاتی ہے کہ وہ مقررہ تاریخ پر صبح 8:30 بجے حاضر ہوں بصورت دیگر یکطرفہ کارروائی عمل میں لائی جائے گی اور فیصلہ سنا دیا جائے گا شہر کراچی کے مختلف علاقوں میں پولیس نے کارروائی کرتے ہوئے ملزمان کو گرفتار کرلیا جبکہ مقدمات درج کر کے تفتیش شروع کر دی گئی ہے حکام کے مطابق عوام کی شکایات پر فوری ایکشن لیا جا رہا ہے اور قانون کی عملداری یقینی بنائی جائے گی
Crown-16
عبدالرؤف
29
عدالت میں سماعت کیلئے مقرر کیا گیا ہے فریقین کو ہدایت کی جاتی ہے کہ وہ مقررہ تاریخ پر صبح 8:30 بجے حاضر ہوں بصورت دیگر یکطرفہ کارروائی عمل میں لائی جائے گی اور فیصلہ سنا دیا جائے گا شہر کراچی کے مختلف علاقوں میں پولیس نے کارروائی کرتے ہوئے ملزمان کو گرفتار کرلیا جبکہ مقدمات درج کر کے تفتیش شروع کر دی گئی ہے حکام کے مطابق عوام کی شکایات پر فوری ایکشن لیا جا رہا ہے اور قانون کی عملداری یقینی بنائی جائے گی
محمد اسلم
30
عدالت میں سماعت کیلئے مقرر کیا گیا ہے فریقین کو ہدایت کی جاتی ہے کہ وہ مقررہ تاریخ پر صبح 8:30 بجے حاضر ہوں بصورت دیگر یکطرفہ کارروائی عمل میں لائی جائے گی اور فیصلہ سنا دیا جائے گا شہر کراچی کے مختلف علاقوں میں پولیس نے کارروائی کرتے ہوئے ملزمان کو گرفتار کرلیا جبکہ مقدمات درج کر کے تفتیش شروع کر دی گئی ہے حکام کے مطابق عوام کی شکایات پر فوری ایکشن لیا جا رہا ہے اور قانون کی عملداری یقینی بنائی جائے گی
